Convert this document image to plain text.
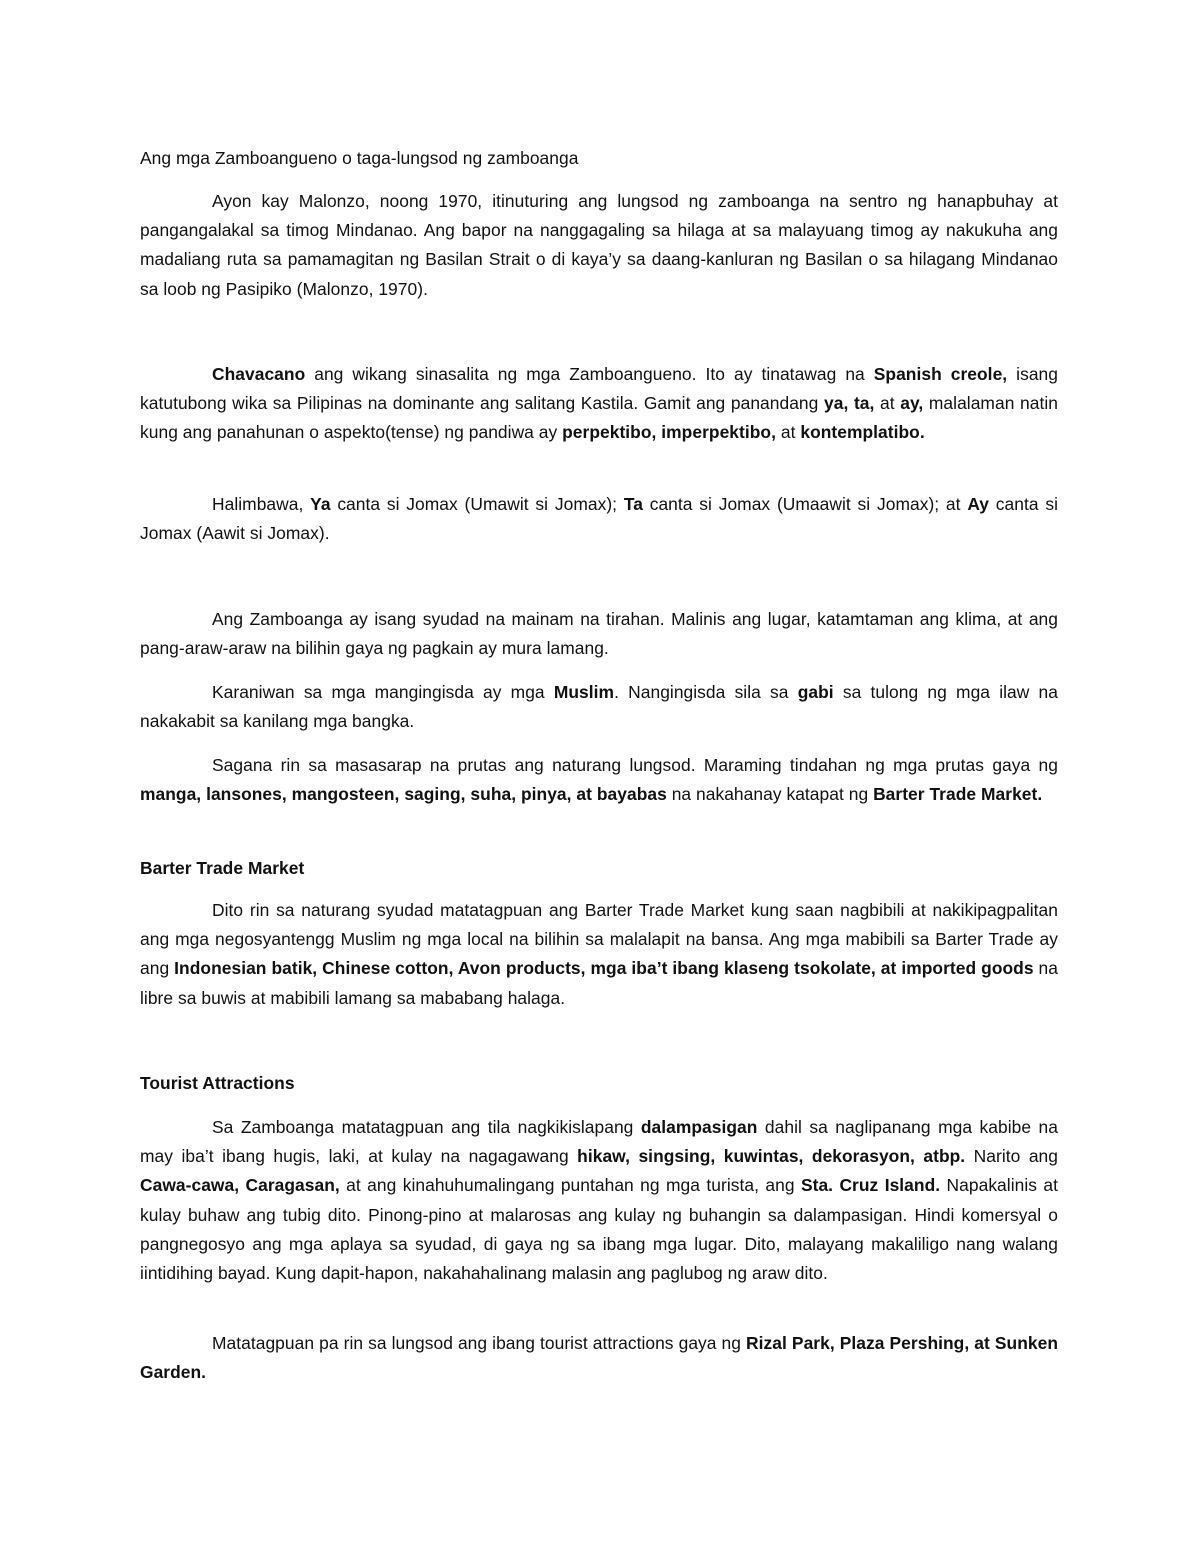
Ang mga Zamboangueno o taga-lungsod ng zamboanga

Ayon kay Malonzo, noong 1970, itinuturing ang lungsod ng zamboanga na sentro ng hanapbuhay at pangangalakal sa timog Mindanao. Ang bapor na nanggagaling sa hilaga at sa malayuang timog ay nakukuha ang madaliang ruta sa pamamagitan ng Basilan Strait o di kaya’y sa daang-kanluran ng Basilan o sa hilagang Mindanao sa loob ng Pasipiko (Malonzo, 1970).

Chavacano ang wikang sinasalita ng mga Zamboangueno. Ito ay tinatawag na Spanish creole, isang katutubong wika sa Pilipinas na dominante ang salitang Kastila. Gamit ang panandang ya, ta, at ay, malalaman natin kung ang panahunan o aspekto(tense) ng pandiwa ay perpektibo, imperpektibo, at kontemplatibo.

Halimbawa, Ya canta si Jomax (Umawit si Jomax); Ta canta si Jomax (Umaawit si Jomax); at Ay canta si Jomax (Aawit si Jomax).

Ang Zamboanga ay isang syudad na mainam na tirahan. Malinis ang lugar, katamtaman ang klima, at ang pang-araw-araw na bilihin gaya ng pagkain ay mura lamang.

Karaniwan sa mga mangingisda ay mga Muslim. Nangingisda sila sa gabi sa tulong ng mga ilaw na nakakabit sa kanilang mga bangka.

Sagana rin sa masasarap na prutas ang naturang lungsod. Maraming tindahan ng mga prutas gaya ng manga, lansones, mangosteen, saging, suha, pinya, at bayabas na nakahanay katapat ng Barter Trade Market.

Barter Trade Market

Dito rin sa naturang syudad matatagpuan ang Barter Trade Market kung saan nagbibili at nakikipagpalitan ang mga negosyantengg Muslim ng mga local na bilihin sa malalapit na bansa. Ang mga mabibili sa Barter Trade ay ang Indonesian batik, Chinese cotton, Avon products, mga iba’t ibang klaseng tsokolate, at imported goods na libre sa buwis at mabibili lamang sa mababang halaga.

Tourist Attractions

Sa Zamboanga matatagpuan ang tila nagkikislapang dalampasigan dahil sa naglipanang mga kabibe na may iba’t ibang hugis, laki, at kulay na nagagawang hikaw, singsing, kuwintas, dekorasyon, atbp. Narito ang Cawa-cawa, Caragasan, at ang kinahuhumalingang puntahan ng mga turista, ang Sta. Cruz Island. Napakalinis at kulay buhaw ang tubig dito. Pinong-pino at malarosas ang kulay ng buhangin sa dalampasigan. Hindi komersyal o pangnegosyo ang mga aplaya sa syudad, di gaya ng sa ibang mga lugar. Dito, malayang makaliligo nang walang iintidihing bayad. Kung dapit-hapon, nakahahalinang malasin ang paglubog ng araw dito.

Matatagpuan pa rin sa lungsod ang ibang tourist attractions gaya ng Rizal Park, Plaza Pershing, at Sunken Garden.
